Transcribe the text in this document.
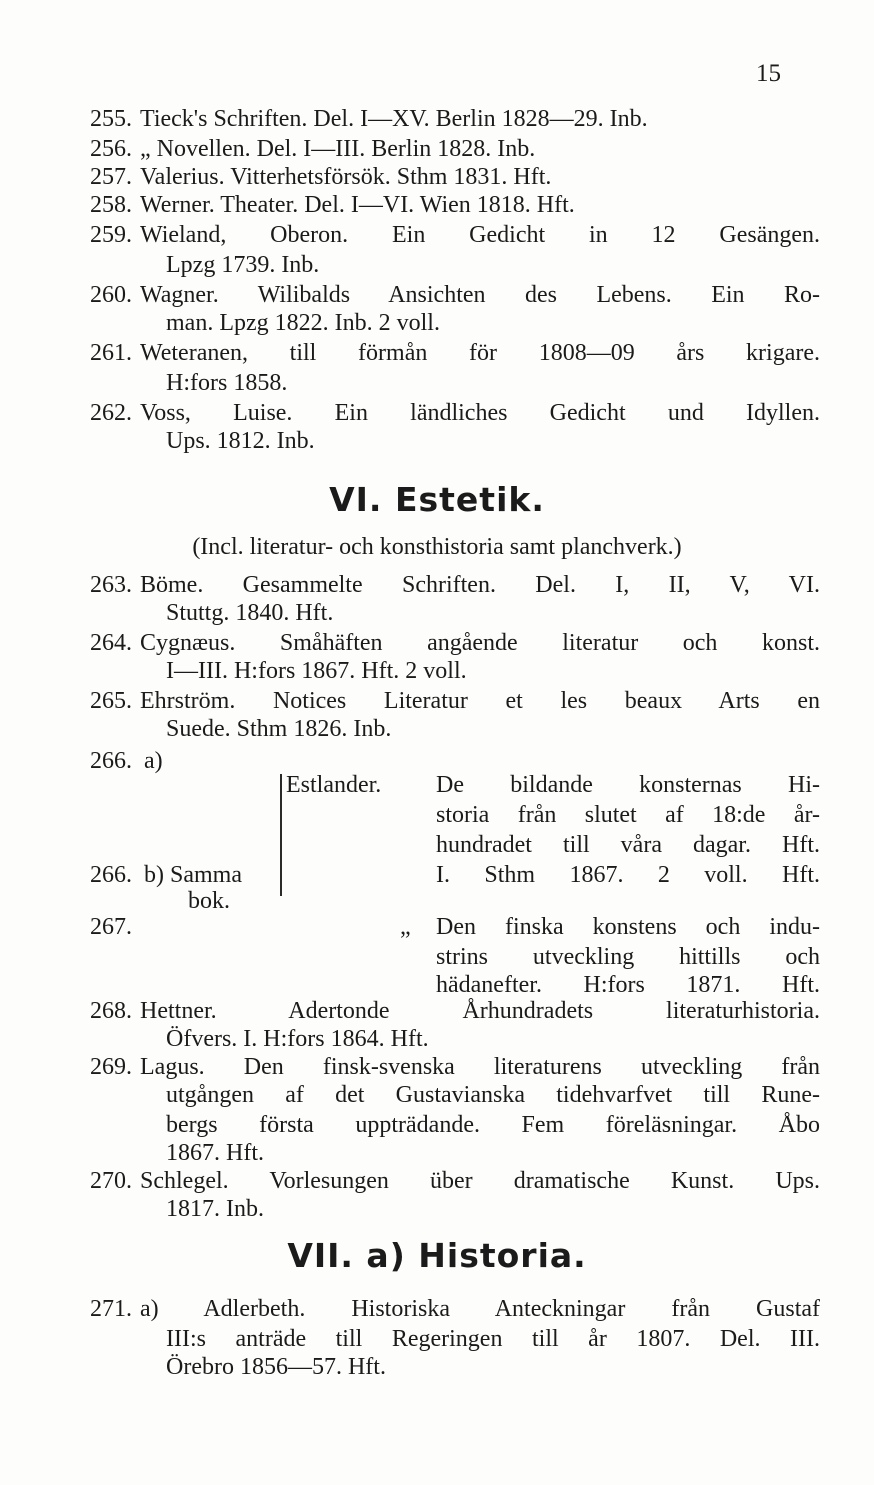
15
255. Tieck's Schriften. Del. I—XV. Berlin 1828—29. Inb.
256. „ Novellen. Del. I—III. Berlin 1828. Inb.
257. Valerius. Vitterhetsförsök. Sthm 1831. Hft.
258. Werner. Theater. Del. I—VI. Wien 1818. Hft.
259. Wieland, Oberon. Ein Gedicht in 12 Gesängen.
Lpzg 1739. Inb.
260. Wagner. Wilibalds Ansichten des Lebens. Ein Ro-
man. Lpzg 1822. Inb. 2 voll.
261. Weteranen, till förmån för 1808—09 års krigare.
H:fors 1858.
262. Voss, Luise. Ein ländliches Gedicht und Idyllen.
Ups. 1812. Inb.
VI. Estetik.
(Incl. literatur- och konsthistoria samt planchverk.)
263. Böme. Gesammelte Schriften. Del. I, II, V, VI.
Stuttg. 1840. Hft.
264. Cygnæus. Småhäften angående literatur och konst.
I—III. H:fors 1867. Hft. 2 voll.
265. Ehrström. Notices Literatur et les beaux Arts en
Suede. Sthm 1826. Inb.
266. a)
Estlander. De bildande konsternas Hi-
storia från slutet af 18:de år-
hundradet till våra dagar. Hft.
I. Sthm 1867. 2 voll. Hft.
266. b) Samma
bok.
267.	„ Den finska konstens och indu-
strins utveckling hittills och
hädanefter. H:fors 1871. Hft.
268. Hettner. Adertonde Århundradets literaturhistoria.
Öfvers. I. H:fors 1864. Hft.
269. Lagus. Den finsk-svenska literaturens utveckling från
utgången af det Gustavianska tidehvarfvet till Rune-
bergs första uppträdande. Fem föreläsningar. Åbo
1867. Hft.
270. Schlegel. Vorlesungen über dramatische Kunst. Ups.
1817. Inb.
VII. a) Historia.
271. a) Adlerbeth. Historiska Anteckningar från Gustaf
III:s anträde till Regeringen till år 1807. Del. III.
Örebro 1856—57. Hft.
